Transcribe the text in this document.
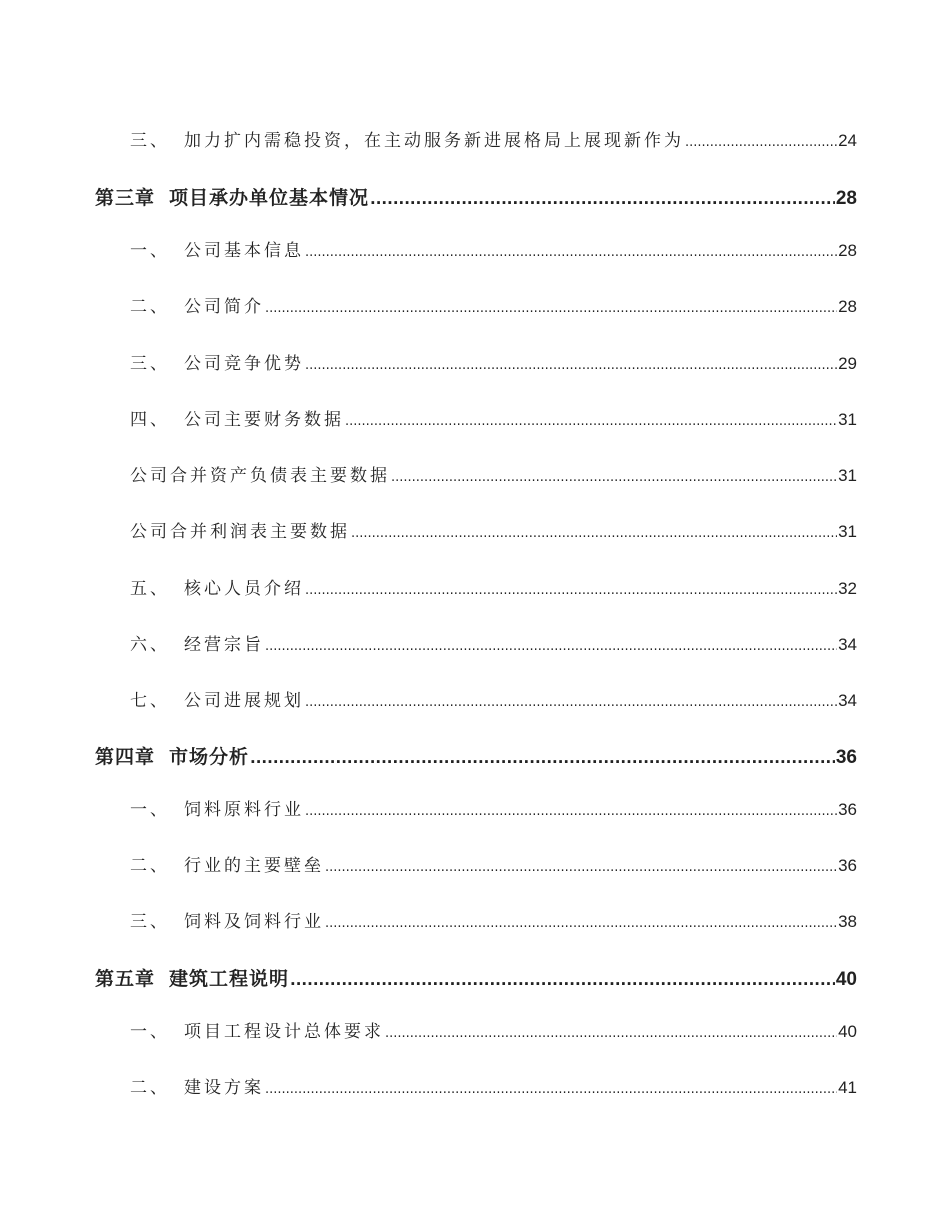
三、 加力扩内需稳投资，在主动服务新进展格局上展现新作为 .....	24
第三章 项目承办单位基本情况 .....	28
一、 公司基本信息 .....	28
二、 公司简介 .....	28
三、 公司竞争优势 .....	29
四、 公司主要财务数据 .....	31
公司合并资产负债表主要数据 .....	31
公司合并利润表主要数据 .....	31
五、 核心人员介绍 .....	32
六、 经营宗旨 .....	34
七、 公司进展规划 .....	34
第四章 市场分析 .....	36
一、 饲料原料行业 .....	36
二、 行业的主要壁垒 .....	36
三、 饲料及饲料行业 .....	38
第五章 建筑工程说明 .....	40
一、 项目工程设计总体要求 .....	40
二、 建设方案 .....	41
